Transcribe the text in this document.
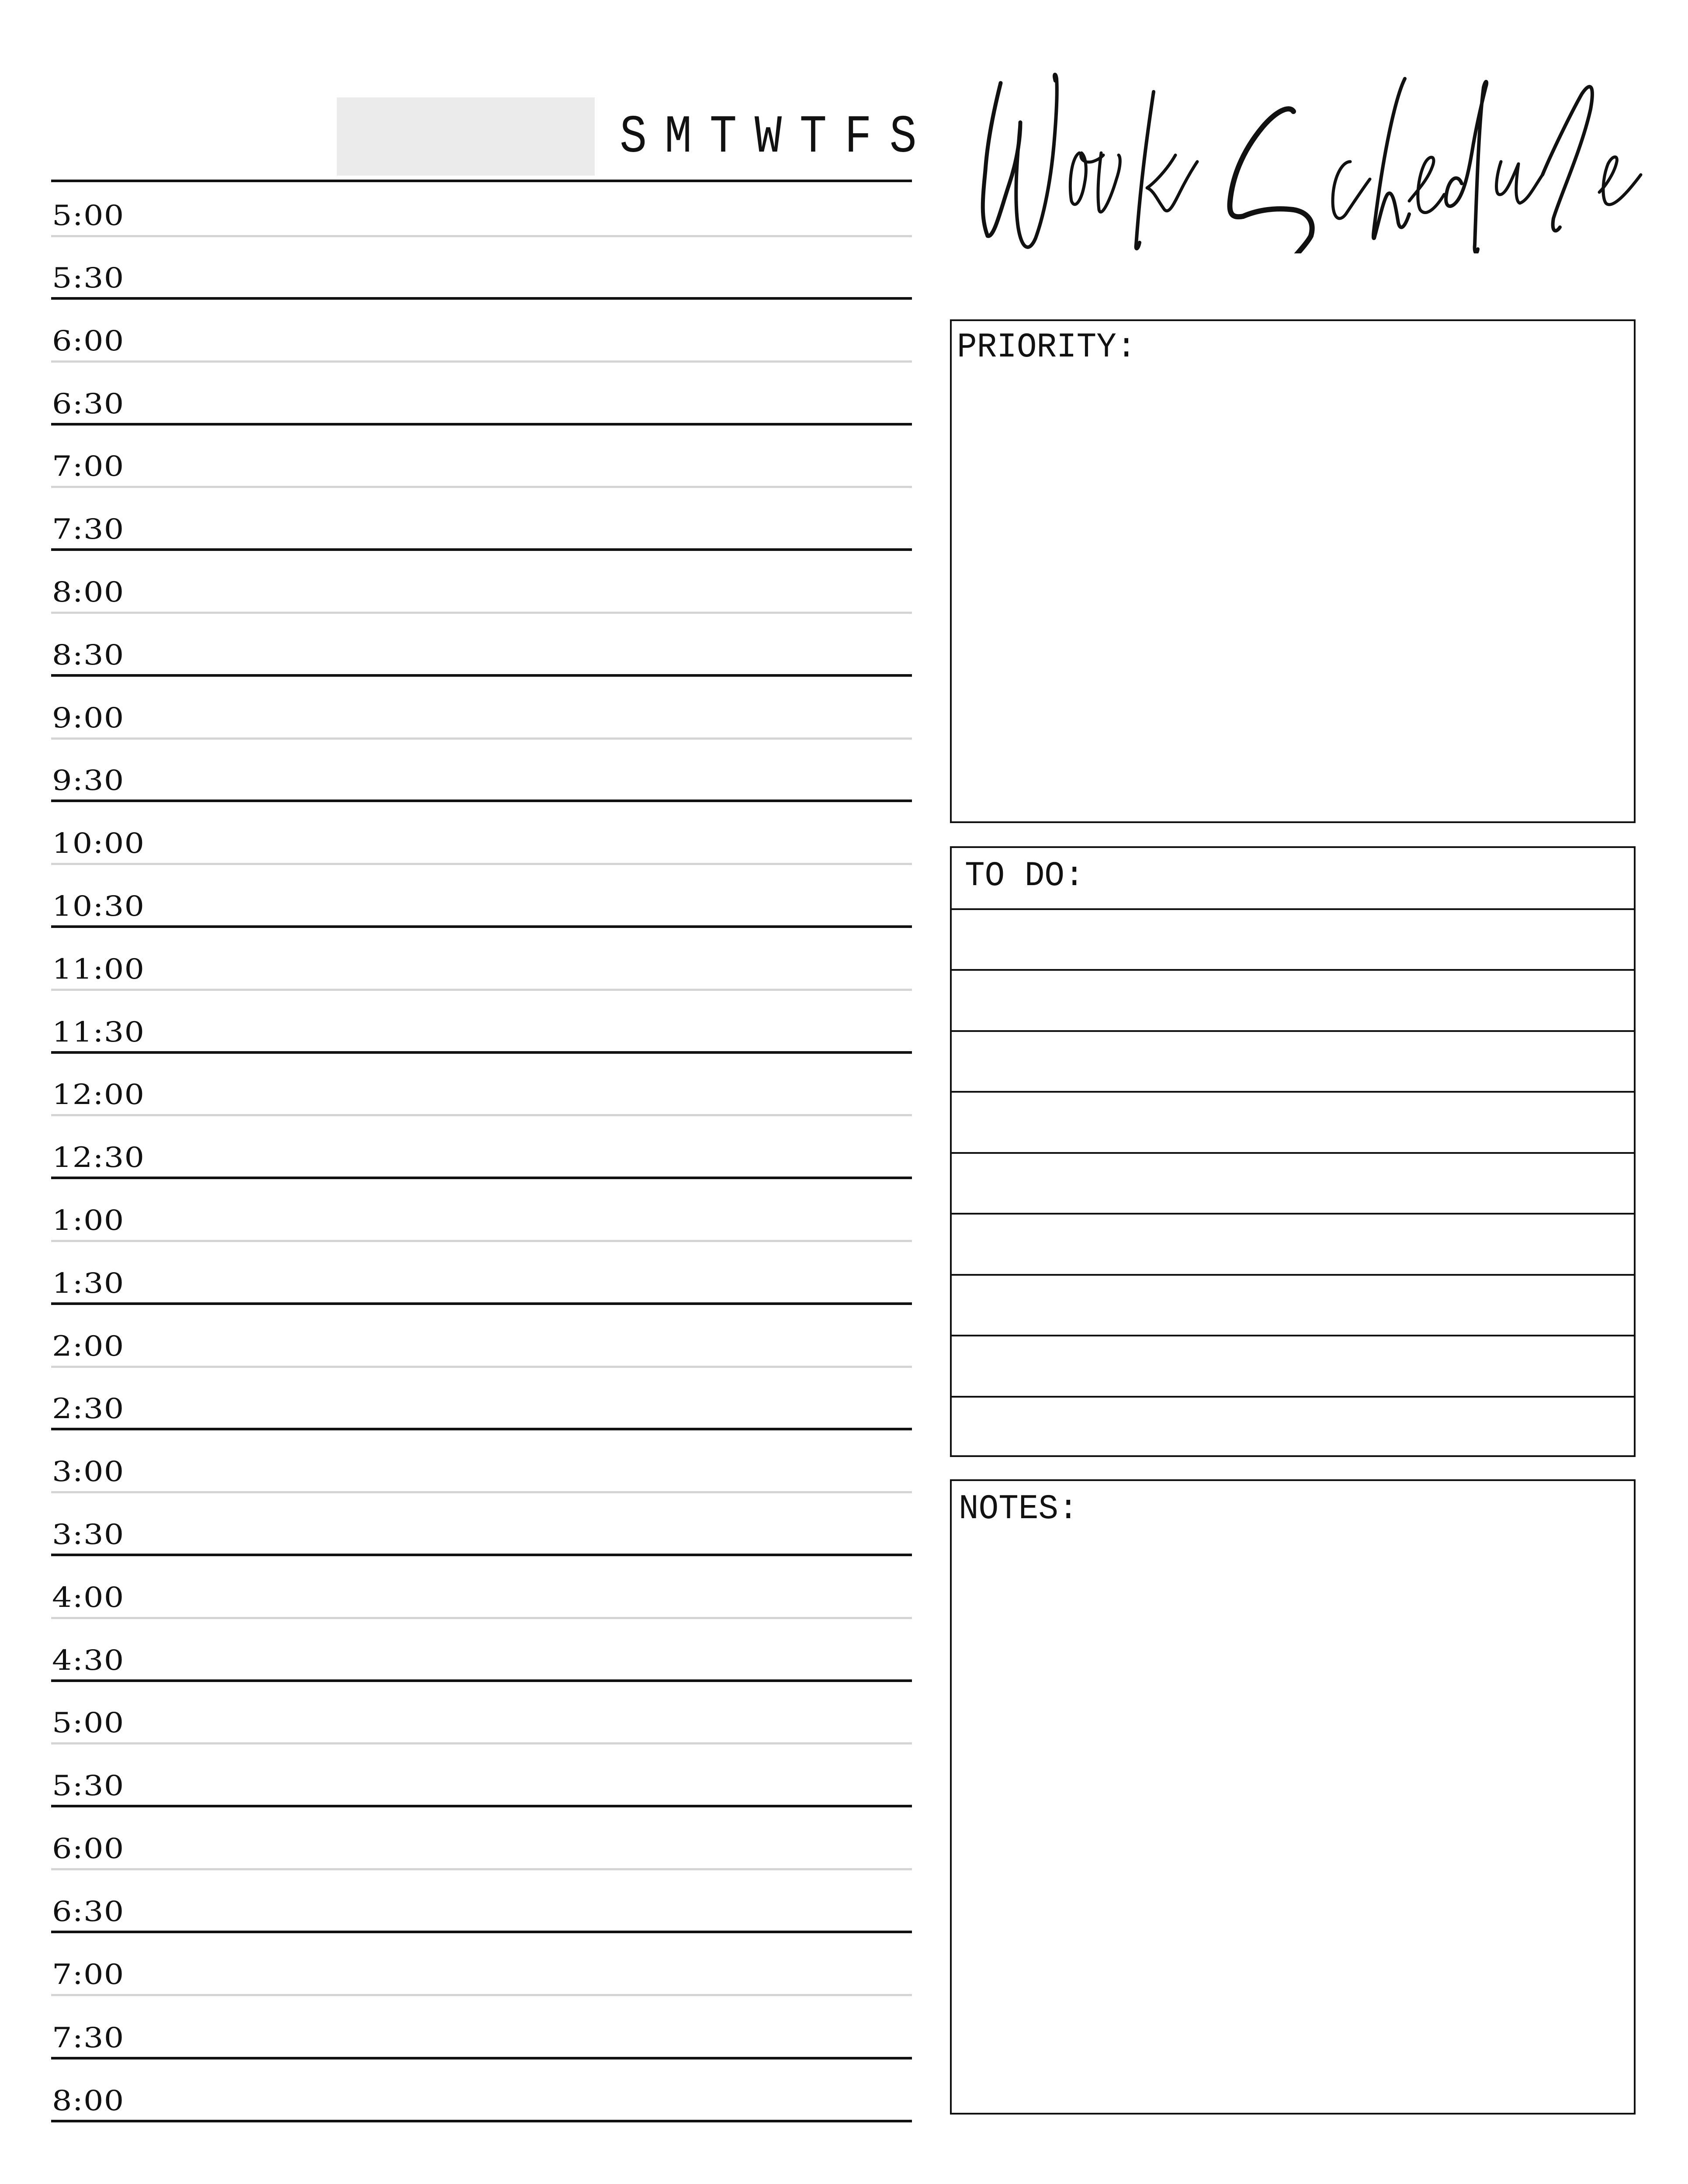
S M T W T F S
5:00
5:30
6:00
6:30
7:00
7:30
8:00
8:30
9:00
9:30
10:00
10:30
11:00
11:30
12:00
12:30
1:00
1:30
2:00
2:30
3:00
3:30
4:00
4:30
5:00
5:30
6:00
6:30
7:00
7:30
8:00
PRIORITY:
TO DO:
NOTES:
